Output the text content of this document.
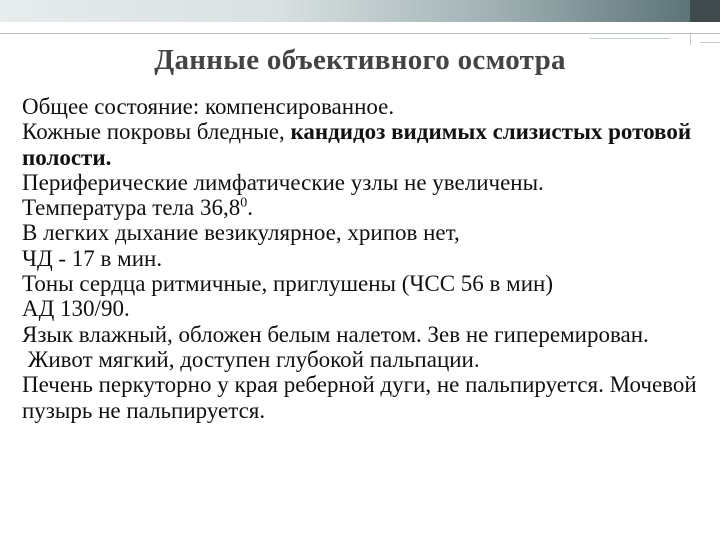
Данные объективного осмотра

Общее состояние: компенсированное.

Кожные покровы бледные, кандидоз видимых слизистых ротовой полости.

Периферические лимфатические узлы не увеличены.

Температура тела 36,8$^0$.

В легких дыхание везикулярное, хрипов нет,

ЧД - 17 в мин.

Тоны сердца ритмичные, приглушены (ЧСС 56 в мин)

АД 130/90.

Язык влажный, обложен белым налетом. Зев не гиперемирован.

Живот мягкий, доступен глубокой пальпации.

Печень перкуторно у края реберной дуги, не пальпируется. Мочевой пузырь не пальпируется.
